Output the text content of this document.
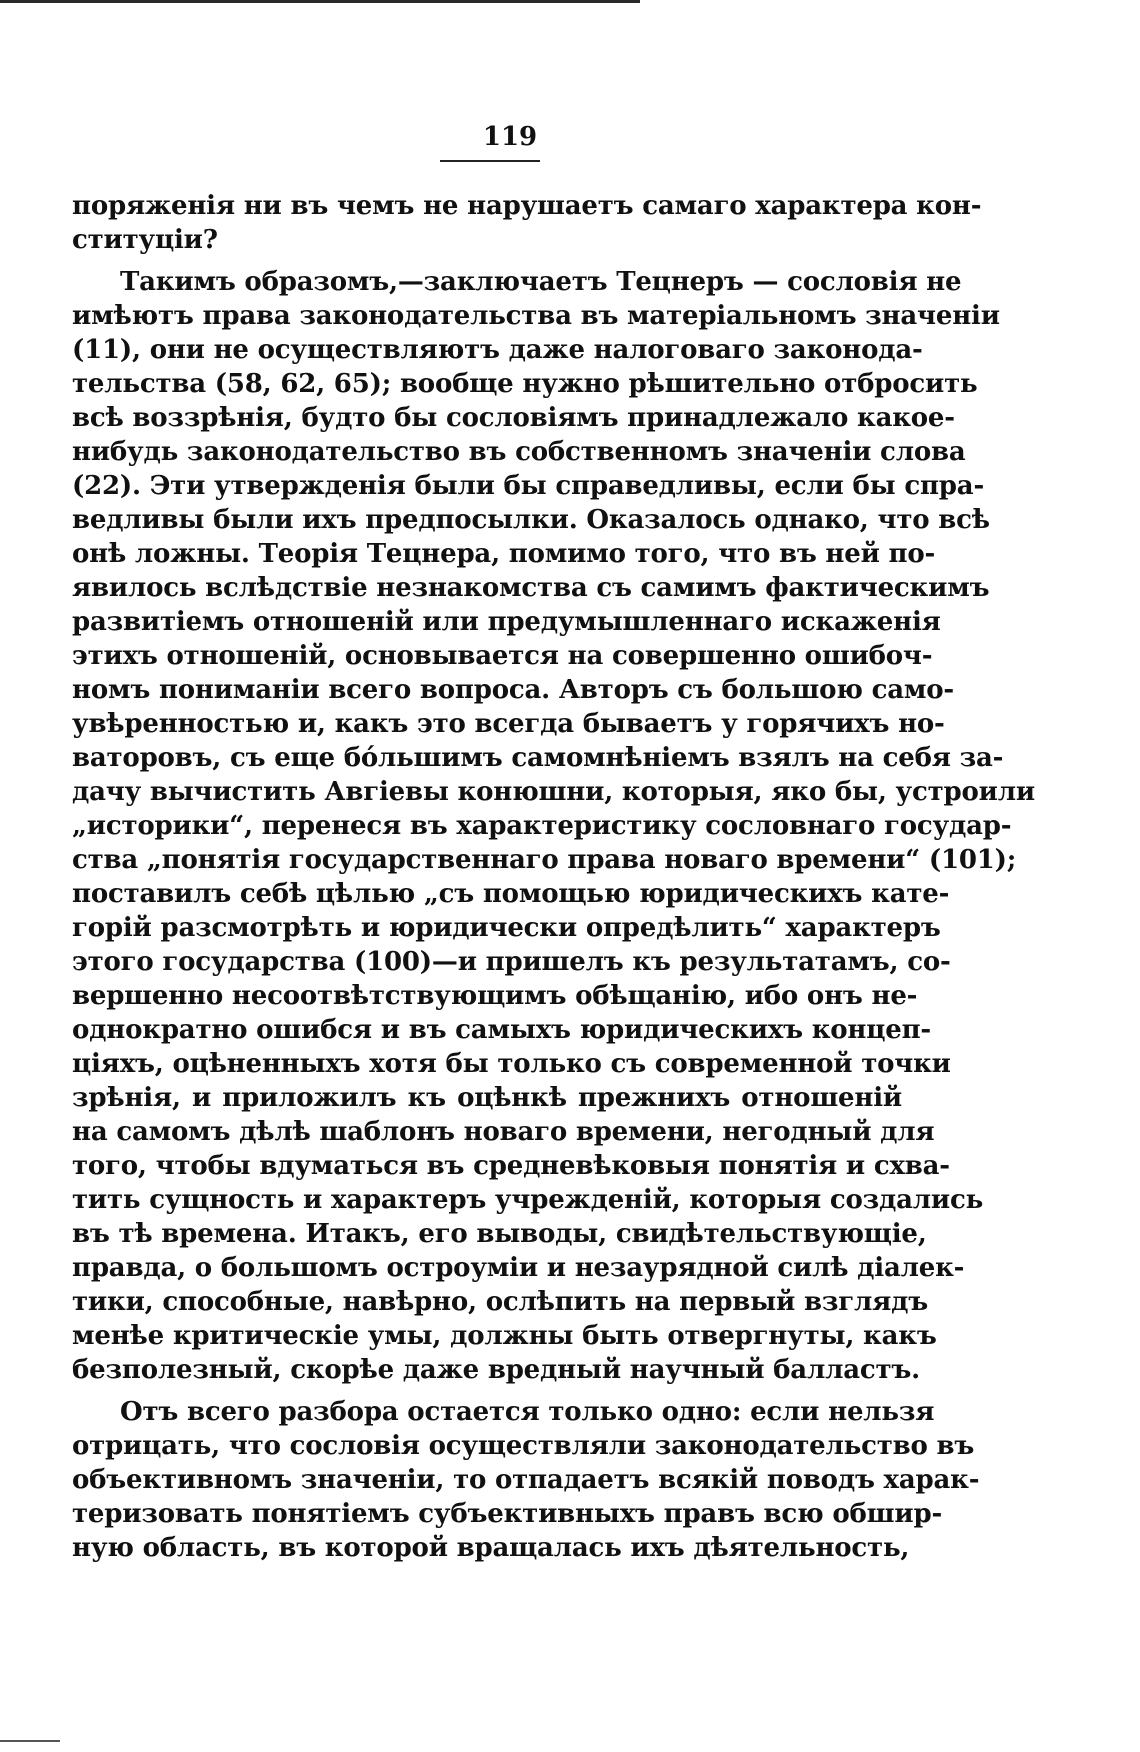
119
поряженія ни въ чемъ не нарушаетъ самаго характера кон-
ституціи?
Такимъ образомъ,—заключаетъ Тецнеръ — сословія не
имѣютъ права законодательства въ матеріальномъ значеніи
(11), они не осуществляютъ даже налоговаго законода-
тельства (58, 62, 65); вообще нужно рѣшительно отбросить
всѣ воззрѣнія, будто бы сословіямъ принадлежало какое-
нибудь законодательство въ собственномъ значеніи слова
(22). Эти утвержденія были бы справедливы, если бы спра-
ведливы были ихъ предпосылки. Оказалось однако, что всѣ
онѣ ложны. Теорія Тецнера, помимо того, что въ ней по-
явилось вслѣдствіе незнакомства съ самимъ фактическимъ
развитіемъ отношеній или предумышленнаго искаженія
этихъ отношеній, основывается на совершенно ошибоч-
номъ пониманіи всего вопроса. Авторъ съ большою само-
увѣренностью и, какъ это всегда бываетъ у горячихъ но-
ваторовъ, съ еще бо́льшимъ самомнѣніемъ взялъ на себя за-
дачу вычистить Авгіевы конюшни, которыя, яко бы, устроили
„историки“, перенеся въ характеристику сословнаго государ-
ства „понятія государственнаго права новаго времени“ (101);
поставилъ себѣ цѣлью „съ помощью юридическихъ кате-
горій разсмотрѣть и юридически опредѣлить“ характеръ
этого государства (100)—и пришелъ къ результатамъ, со-
вершенно несоотвѣтствующимъ обѣщанію, ибо онъ не-
однократно ошибся и въ самыхъ юридическихъ концеп-
ціяхъ, оцѣненныхъ хотя бы только съ современной точки
зрѣнія, и приложилъ къ оцѣнкѣ прежнихъ отношеній
на самомъ дѣлѣ шаблонъ новаго времени, негодный для
того, чтобы вдуматься въ средневѣковыя понятія и схва-
тить сущность и характеръ учрежденій, которыя создались
въ тѣ времена. Итакъ, его выводы, свидѣтельствующіе,
правда, о большомъ остроуміи и незаурядной силѣ діалек-
тики, способные, навѣрно, ослѣпить на первый взглядъ
менѣе критическіе умы, должны быть отвергнуты, какъ
безполезный, скорѣе даже вредный научный балластъ.
Отъ всего разбора остается только одно: если нельзя
отрицать, что сословія осуществляли законодательство въ
объективномъ значеніи, то отпадаетъ всякій поводъ харак-
теризовать понятіемъ субъективныхъ правъ всю обшир-
ную область, въ которой вращалась ихъ дѣятельность,
